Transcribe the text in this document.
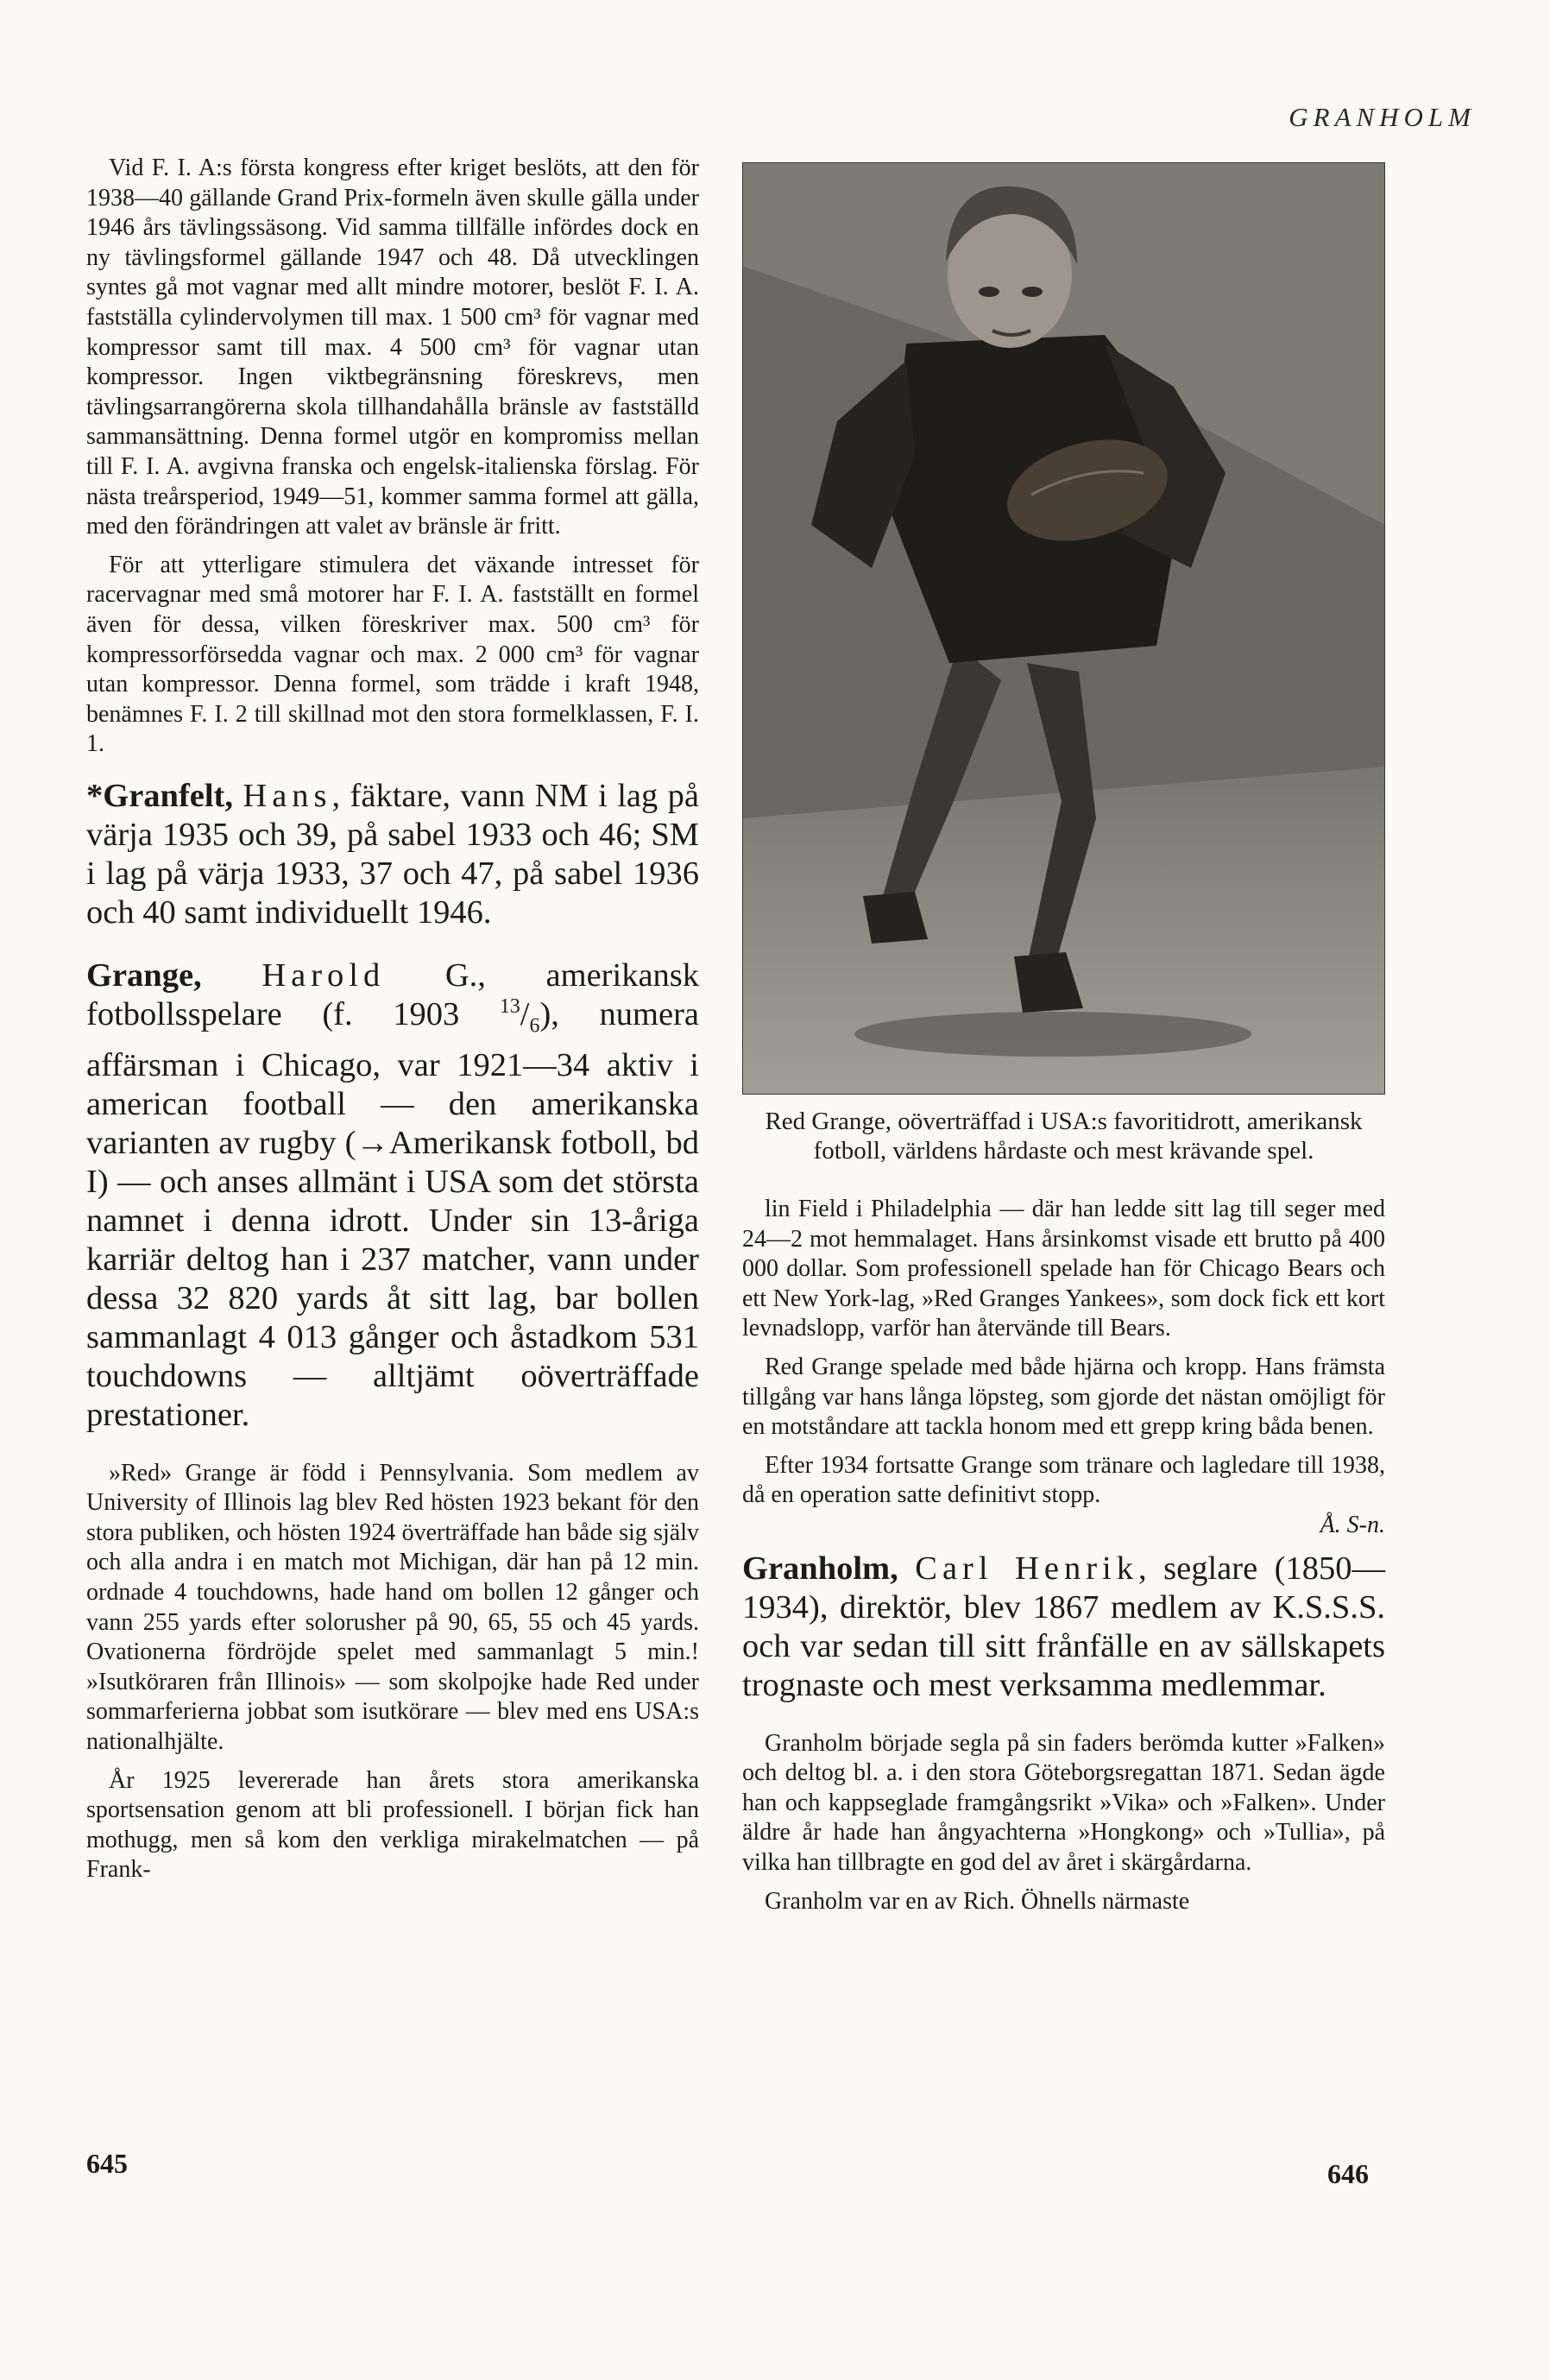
GRANHOLM

Vid F. I. A:s första kongress efter kriget beslöts, att den för 1938—40 gällande Grand Prix-formeln även skulle gälla under 1946 års tävlingssäsong. Vid samma tillfälle infördes dock en ny tävlingsformel gällande 1947 och 48. Då utvecklingen syntes gå mot vagnar med allt mindre motorer, beslöt F. I. A. fastställa cylindervolymen till max. 1 500 cm³ för vagnar med kompressor samt till max. 4 500 cm³ för vagnar utan kompressor. Ingen viktbegränsning föreskrevs, men tävlingsarrangörerna skola tillhandahålla bränsle av fastställd sammansättning. Denna formel utgör en kompromiss mellan till F. I. A. avgivna franska och engelsk-italienska förslag. För nästa treårsperiod, 1949—51, kommer samma formel att gälla, med den förändringen att valet av bränsle är fritt.

För att ytterligare stimulera det växande intresset för racervagnar med små motorer har F. I. A. fastställt en formel även för dessa, vilken föreskriver max. 500 cm³ för kompressorförsedda vagnar och max. 2 000 cm³ för vagnar utan kompressor. Denna formel, som trädde i kraft 1948, benämnes F. I. 2 till skillnad mot den stora formelklassen, F. I. 1.

*Granfelt, Hans, fäktare, vann NM i lag på värja 1935 och 39, på sabel 1933 och 46; SM i lag på värja 1933, 37 och 47, på sabel 1936 och 40 samt individuellt 1946.

Grange, Harold G., amerikansk fotbollsspelare (f. 1903 $^{13}/_6$), numera affärsman i Chicago, var 1921—34 aktiv i american football — den amerikanska varianten av rugby (→Amerikansk fotboll, bd I) — och anses allmänt i USA som det största namnet i denna idrott. Under sin 13-åriga karriär deltog han i 237 matcher, vann under dessa 32 820 yards åt sitt lag, bar bollen sammanlagt 4 013 gånger och åstadkom 531 touchdowns — alltjämt oöverträffade prestationer.

»Red» Grange är född i Pennsylvania. Som medlem av University of Illinois lag blev Red hösten 1923 bekant för den stora publiken, och hösten 1924 överträffade han både sig själv och alla andra i en match mot Michigan, där han på 12 min. ordnade 4 touchdowns, hade hand om bollen 12 gånger och vann 255 yards efter solorusher på 90, 65, 55 och 45 yards. Ovationerna fördröjde spelet med sammanlagt 5 min.! »Isutköraren från Illinois» — som skolpojke hade Red under sommarferierna jobbat som isutkörare — blev med ens USA:s nationalhjälte.

År 1925 levererade han årets stora amerikanska sportsensation genom att bli professionell. I början fick han mothugg, men så kom den verkliga mirakelmatchen — på Frank-

645

Red Grange, oöverträffad i USA:s favoritidrott, amerikansk fotboll, världens hårdaste och mest krävande spel.

lin Field i Philadelphia — där han ledde sitt lag till seger med 24—2 mot hemmalaget. Hans årsinkomst visade ett brutto på 400 000 dollar. Som professionell spelade han för Chicago Bears och ett New York-lag, »Red Granges Yankees», som dock fick ett kort levnadslopp, varför han återvände till Bears.

Red Grange spelade med både hjärna och kropp. Hans främsta tillgång var hans långa löpsteg, som gjorde det nästan omöjligt för en motståndare att tackla honom med ett grepp kring båda benen.

Efter 1934 fortsatte Grange som tränare och lagledare till 1938, då en operation satte definitivt stopp.

Å. S-n.

Granholm, Carl Henrik, seglare (1850—1934), direktör, blev 1867 medlem av K.S.S.S. och var sedan till sitt frånfälle en av sällskapets trognaste och mest verksamma medlemmar.

Granholm började segla på sin faders berömda kutter »Falken» och deltog bl. a. i den stora Göteborgsregattan 1871. Sedan ägde han och kappseglade framgångsrikt »Vika» och »Falken». Under äldre år hade han ångyachterna »Hongkong» och »Tullia», på vilka han tillbragte en god del av året i skärgårdarna.

Granholm var en av Rich. Öhnells närmaste

646
